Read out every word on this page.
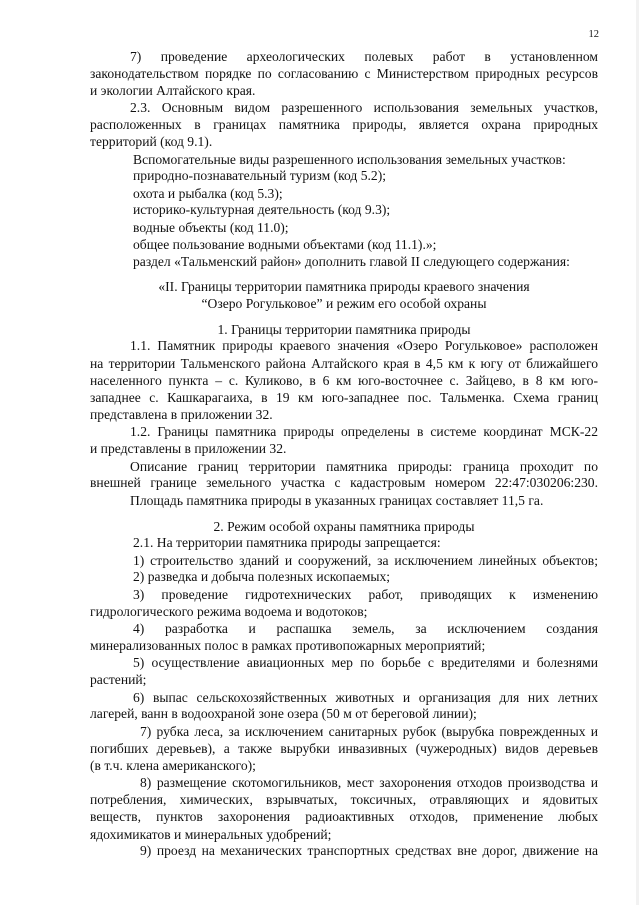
12
7) проведение археологических полевых работ в установленном
законодательством порядке по согласованию с Министерством природных ресурсов
и экологии Алтайского края.
2.3. Основным видом разрешенного использования земельных участков,
расположенных в границах памятника природы, является охрана природных
территорий (код 9.1).
Вспомогательные виды разрешенного использования земельных участков:
природно-познавательный туризм (код 5.2);
охота и рыбалка (код 5.3);
историко-культурная деятельность (код 9.3);
водные объекты (код 11.0);
общее пользование водными объектами (код 11.1).»;
раздел «Тальменский район» дополнить главой II следующего содержания:
«II. Границы территории памятника природы краевого значения
“Озеро Рогульковое” и режим его особой охраны
1. Границы территории памятника природы
1.1. Памятник природы краевого значения «Озеро Рогульковое» расположен
на территории Тальменского района Алтайского края в 4,5 км к югу от ближайшего
населенного пункта – с. Куликово, в 6 км юго-восточнее с. Зайцево, в 8 км юго-
западнее с. Кашкарагаиха, в 19 км юго-западнее пос. Тальменка. Схема границ
представлена в приложении 32.
1.2. Границы памятника природы определены в системе координат МСК-22
и представлены в приложении 32.
Описание границ территории памятника природы: граница проходит по
внешней границе земельного участка с кадастровым номером 22:47:030206:230.
Площадь памятника природы в указанных границах составляет 11,5 га.
2. Режим особой охраны памятника природы
2.1. На территории памятника природы запрещается:
1) строительство зданий и сооружений, за исключением линейных объектов;
2) разведка и добыча полезных ископаемых;
3) проведение гидротехнических работ, приводящих к изменению
гидрологического режима водоема и водотоков;
4) разработка и распашка земель, за исключением создания
минерализованных полос в рамках противопожарных мероприятий;
5) осуществление авиационных мер по борьбе с вредителями и болезнями
растений;
6) выпас сельскохозяйственных животных и организация для них летних
лагерей, ванн в водоохраной зоне озера (50 м от береговой линии);
7) рубка леса, за исключением санитарных рубок (вырубка поврежденных и
погибших деревьев), а также вырубки инвазивных (чужеродных) видов деревьев
(в т.ч. клена американского);
8) размещение скотомогильников, мест захоронения отходов производства и
потребления, химических, взрывчатых, токсичных, отравляющих и ядовитых
веществ, пунктов захоронения радиоактивных отходов, применение любых
ядохимикатов и минеральных удобрений;
9) проезд на механических транспортных средствах вне дорог, движение на
